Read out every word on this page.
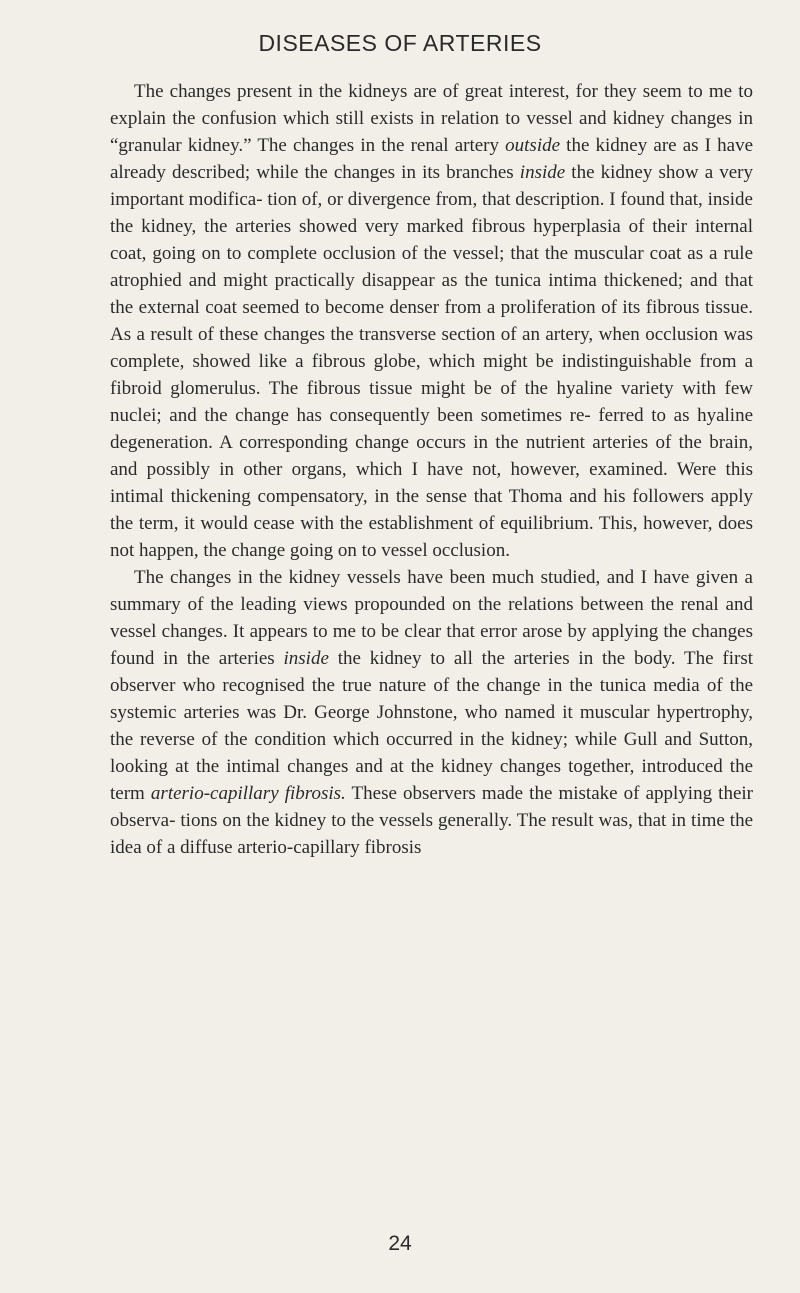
DISEASES OF ARTERIES

The changes present in the kidneys are of great interest, for they seem to me to explain the confusion which still exists in relation to vessel and kidney changes in “granular kidney.” The changes in the renal artery outside the kidney are as I have already described; while the changes in its branches inside the kidney show a very important modifica- tion of, or divergence from, that description. I found that, inside the kidney, the arteries showed very marked fibrous hyperplasia of their internal coat, going on to complete occlusion of the vessel; that the muscular coat as a rule atrophied and might practically disappear as the tunica intima thickened; and that the external coat seemed to become denser from a proliferation of its fibrous tissue. As a result of these changes the transverse section of an artery, when occlusion was complete, showed like a fibrous globe, which might be indistinguishable from a fibroid glomerulus. The fibrous tissue might be of the hyaline variety with few nuclei; and the change has consequently been sometimes re- ferred to as hyaline degeneration. A corresponding change occurs in the nutrient arteries of the brain, and possibly in other organs, which I have not, however, examined. Were this intimal thickening compensatory, in the sense that Thoma and his followers apply the term, it would cease with the establishment of equilibrium. This, however, does not happen, the change going on to vessel occlusion.

The changes in the kidney vessels have been much studied, and I have given a summary of the leading views propounded on the relations between the renal and vessel changes. It appears to me to be clear that error arose by applying the changes found in the arteries inside the kidney to all the arteries in the body. The first observer who recognised the true nature of the change in the tunica media of the systemic arteries was Dr. George Johnstone, who named it muscular hypertrophy, the reverse of the condition which occurred in the kidney; while Gull and Sutton, looking at the intimal changes and at the kidney changes together, introduced the term arterio-capillary fibrosis. These observers made the mistake of applying their observa- tions on the kidney to the vessels generally. The result was, that in time the idea of a diffuse arterio-capillary fibrosis

24
